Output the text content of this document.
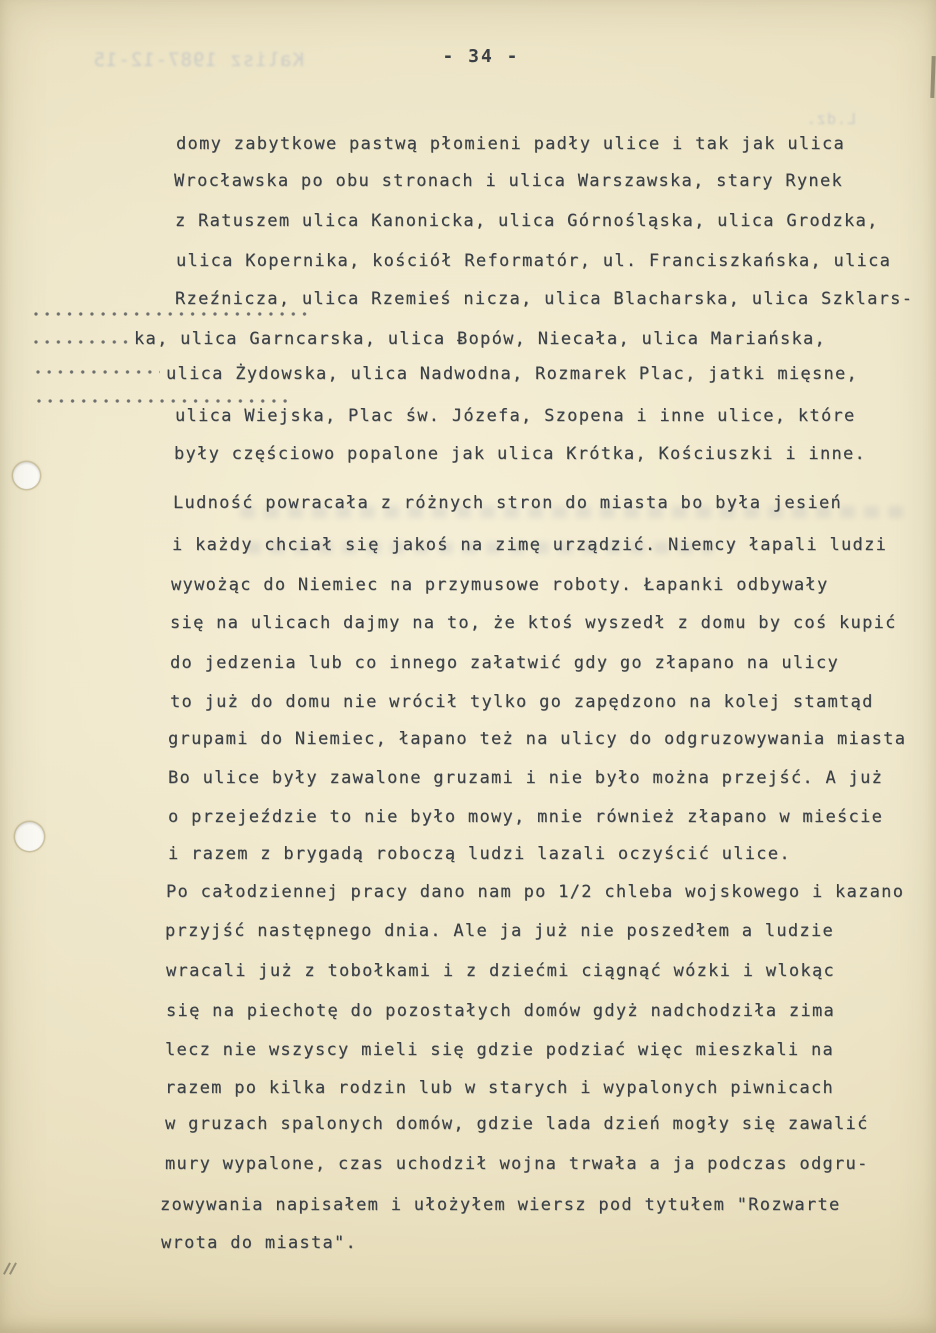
- 34 -
Kalisz 1987-12-15
L.dz.
domy zabytkowe pastwą płomieni padły ulice i tak jak ulica
Wrocławska po obu stronach i ulica Warszawska, stary Rynek
z Ratuszem ulica Kanonicka, ulica Górnośląska, ulica Grodzka,
ulica Kopernika, kościół Reformatór, ul. Franciszkańska, ulica
Rzeźnicza, ulica Rzemieś nicza, ulica Blacharska, ulica Szklars-
ka, ulica Garncarska, ulica Ƀopów, Niecała, ulica Mariańska,
ulica Żydowska, ulica Nadwodna, Rozmarek Plac, jatki mięsne,
ulica Wiejska, Plac św. Józefa, Szopena i inne ulice, które
były częściowo popalone jak ulica Krótka, Kościuszki i inne.
Ludność powracała z różnych stron do miasta bo była jesień
i każdy chciał się jakoś na zimę urządzić. Niemcy łapali ludzi
wywożąc do Niemiec na przymusowe roboty. Łapanki odbywały
się na ulicach dajmy na to, że ktoś wyszedł z domu by coś kupić
do jedzenia lub co innego załatwić gdy go złapano na ulicy
to już do domu nie wrócił tylko go zapędzono na kolej stamtąd
grupami do Niemiec, łapano też na ulicy do odgruzowywania miasta
Bo ulice były zawalone gruzami i nie było można przejść. A już
o przejeździe to nie było mowy, mnie również złapano w mieście
i razem z brygadą roboczą ludzi lazali oczyścić ulice.
Po całodziennej pracy dano nam po 1/2 chleba wojskowego i kazano
przyjść następnego dnia. Ale ja już nie poszedłem a ludzie
wracali już z tobołkami i z dziećmi ciągnąć wózki i wlokąc
się na piechotę do pozostałych domów gdyż nadchodziła zima
lecz nie wszyscy mieli się gdzie podziać więc mieszkali na
razem po kilka rodzin lub w starych i wypalonych piwnicach
w gruzach spalonych domów, gdzie lada dzień mogły się zawalić
mury wypalone, czas uchodził wojna trwała a ja podczas odgru-
zowywania napisałem i ułożyłem wiersz pod tytułem "Rozwarte
wrota do miasta".
